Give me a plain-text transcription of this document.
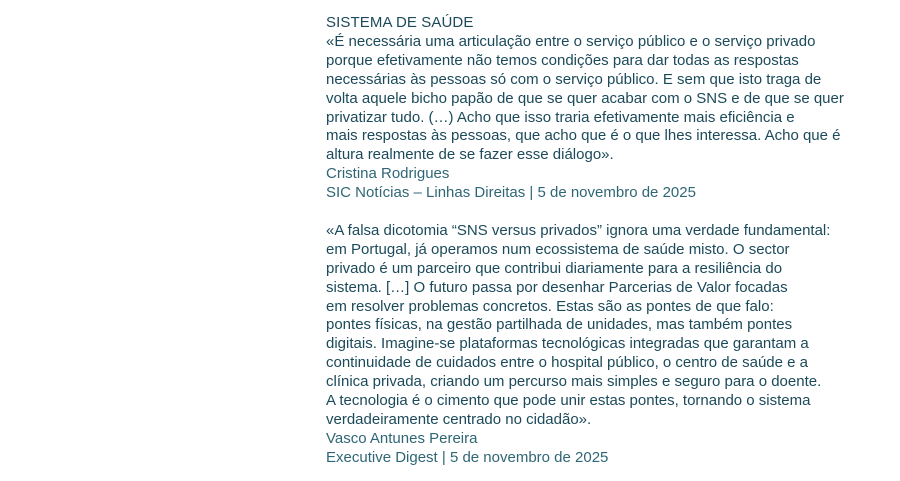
SISTEMA DE SAÚDE
«É necessária uma articulação entre o serviço público e o serviço privado
porque efetivamente não temos condições para dar todas as respostas
necessárias às pessoas só com o serviço público. E sem que isto traga de
volta aquele bicho papão de que se quer acabar com o SNS e de que se quer
privatizar tudo. (…) Acho que isso traria efetivamente mais eficiência e
mais respostas às pessoas, que acho que é o que lhes interessa. Acho que é
altura realmente de se fazer esse diálogo».
Cristina Rodrigues
SIC Notícias – Linhas Direitas | 5 de novembro de 2025
«A falsa dicotomia “SNS versus privados” ignora uma verdade fundamental:
em Portugal, já operamos num ecossistema de saúde misto. O sector
privado é um parceiro que contribui diariamente para a resiliência do
sistema. […] O futuro passa por desenhar Parcerias de Valor focadas
em resolver problemas concretos. Estas são as pontes de que falo:
pontes físicas, na gestão partilhada de unidades, mas também pontes
digitais. Imagine-se plataformas tecnológicas integradas que garantam a
continuidade de cuidados entre o hospital público, o centro de saúde e a
clínica privada, criando um percurso mais simples e seguro para o doente.
A tecnologia é o cimento que pode unir estas pontes, tornando o sistema
verdadeiramente centrado no cidadão».
Vasco Antunes Pereira
Executive Digest | 5 de novembro de 2025
